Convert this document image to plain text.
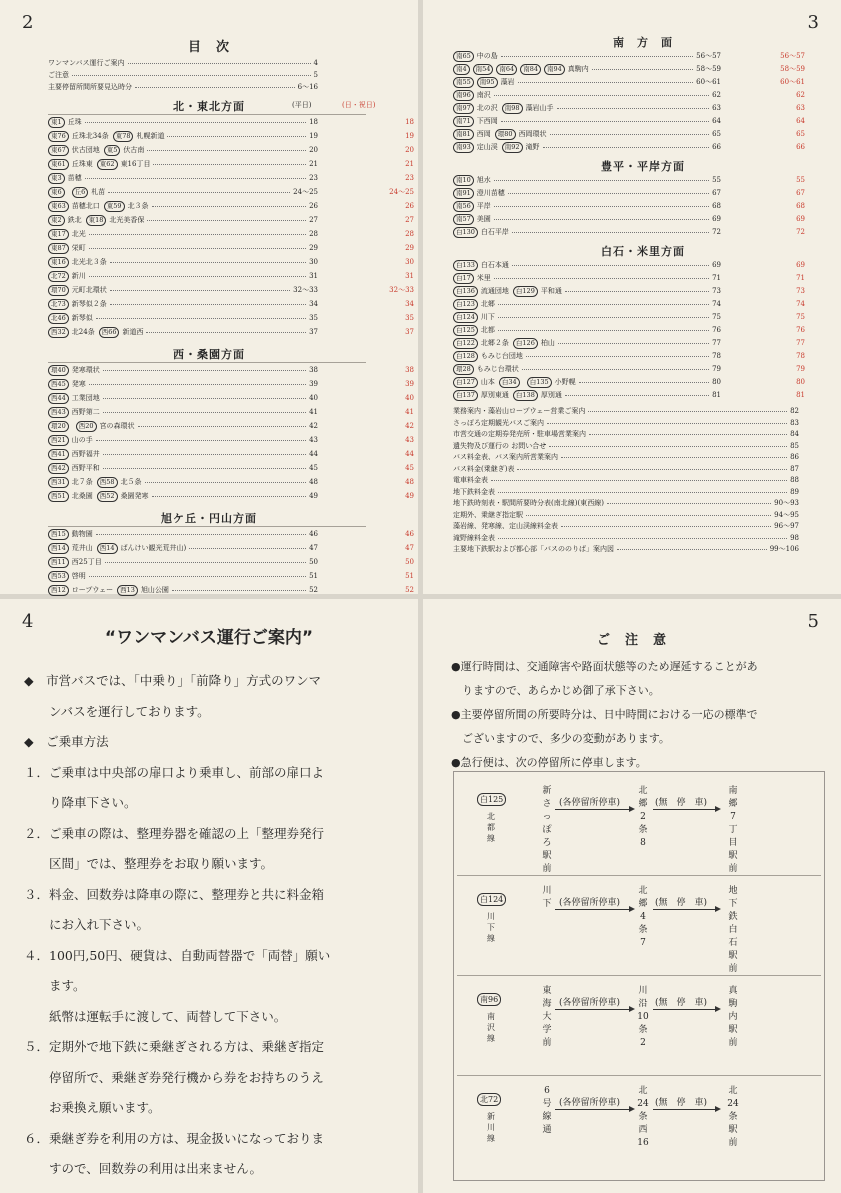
2
目　次
ワンマンバス運行ご案内	4
ご注意	5
主要停留所間所要見込時分	6～16
北・東北方面	(平日)	(日・祝日)
東1 丘珠	18	18
東76 丘珠北34条	東78 札幌新道	19	19
東67 伏古団地	東5 伏古南	20	20
東61 丘珠東	東62 東16丁目	21	21
東3 苗穂	23	23
東6	丘6 札苗	24～25	24～25
東63 苗穂北口	東59 北３条	26	26
東2 鉄北	東18 北光美香保	27	27
東17 北光	28	28
東87 栄町	29	29
東16 北光北３条	30	30
北72 新川	31	31
環70 元町北環状	32～33	32～33
北73 新琴似２条	34	34
北46 新琴似	35	35
西32 北24条	西66 新道西	37	37
西・桑園方面
環40 発寒環状	38	38
西45 発寒	39	39
西44 工業団地	40	40
西43 西野第二	41	41
環20	西20 宮の森環状	42	42
西21 山の手	43	43
西41 西野福井	44	44
西42 西野平和	45	45
西31 北７条	西58 北５条	48	48
西51 北桑園	西52 桑園発寒	49	49
旭ケ丘・円山方面
西15 動物園	46	46
西14 荒井山	西14 ばんけい観光荒井山)	47	47
西11 西25丁目	50	50
西53 啓明	51	51
西12 ロープウェー	西13 旭山公園	52	52
3
南　方　面
南65 中の島	56～57	56～57
南4	南54	南64	南84	南94 真駒内	58～59	58～59
南55	南95 藻岩	60～61	60～61
南96 南沢	62	62
南97 北の沢	南98 藻岩山手	63	63
南71 下西岡	64	64
南81 西岡	環80 西岡環状	65	65
南93 定山渓	南92 滝野	66	66
豊平・平岸方面
南10 旭水	55	55
南91 澄川苗穂	67	67
南56 平岸	68	68
南57 美園	69	69
白130 白石平岸	72	72
白石・米里方面
白133 白石本通	69	69
白17 米里	71	71
白136 流通団地	白129 平和通	73	73
白123 北郷	74	74
白124 川下	75	75
白125 北都	76	76
白122 北郷２条	白126 柏山	77	77
白128 もみじ台団地	78	78
環28 もみじ台環状	79	79
白127 山本	白34	白135 小野幌	80	80
白137 厚別東通	白138 厚別通	81	81
業務案内・藻岩山ロープウェー営業ご案内	82
さっぽろ定期観光バスご案内	83
市営交通の定期券発売所・駐車場営業案内	84
遺失物及び運行の お問い合せ	85
バス料金表、バス案内所営業案内	86
バス料金(乗継ぎ)表	87
電車料金表	88
地下鉄料金表	89
地下鉄時刻表・駅間所要時分表(南北線)(東西線)	90～93
定期外、乗継ぎ指定駅	94～95
藻岩線、発寒線、定山渓線料金表	96～97
滝野線料金表	98
主要地下鉄駅および都心部「バスののりば」案内図	99～106
4
“ワンマンバス運行ご案内”
◆　市営バスでは、「中乗り」「前降り」方式のワンマ
　　ンバスを運行しております。
◆　ご乗車方法
１．ご乗車は中央部の扉口より乗車し、前部の扉口よ
　　り降車下さい。
２．ご乗車の際は、整理券器を確認の上「整理券発行
　　区間」では、整理券をお取り願います。
３．料金、回数券は降車の際に、整理券と共に料金箱
　　にお入れ下さい。
４．100円,50円、硬貨は、自動両替器で「両替」願い
　　ます。
　　紙幣は運転手に渡して、両替して下さい。
５．定期外で地下鉄に乗継ぎされる方は、乗継ぎ指定
　　停留所で、乗継ぎ券発行機から券をお持ちのうえ
　　お乗換え願います。
６．乗継ぎ券を利用の方は、現金扱いになっておりま
　　すので、回数券の利用は出来ません。
5
ご　注　意
●運行時間は、交通障害や路面状態等のため遅延することがあ
　りますので、あらかじめ御了承下さい。
●主要停留所間の所要時分は、日中時間における一応の標準で
　ございますので、多少の変動があります。
●急行便は、次の停留所に停車します。
白125
北都線
新さっぽろ駅前
(各停留所停車)
北郷2条8
(無　停　車)
南郷7丁目駅前
白124
川下線
川下 (各停留所停車)
北郷4条7
(無　停　車)
地下鉄白石駅前
南96
南沢線
東海大学前
(各停留所停車)
川沿10条2
(無　停　車)
真駒内駅前
北72
新川線
6号線通
(各停留所停車)
北24条西16
(無　停　車)
北24条駅前
